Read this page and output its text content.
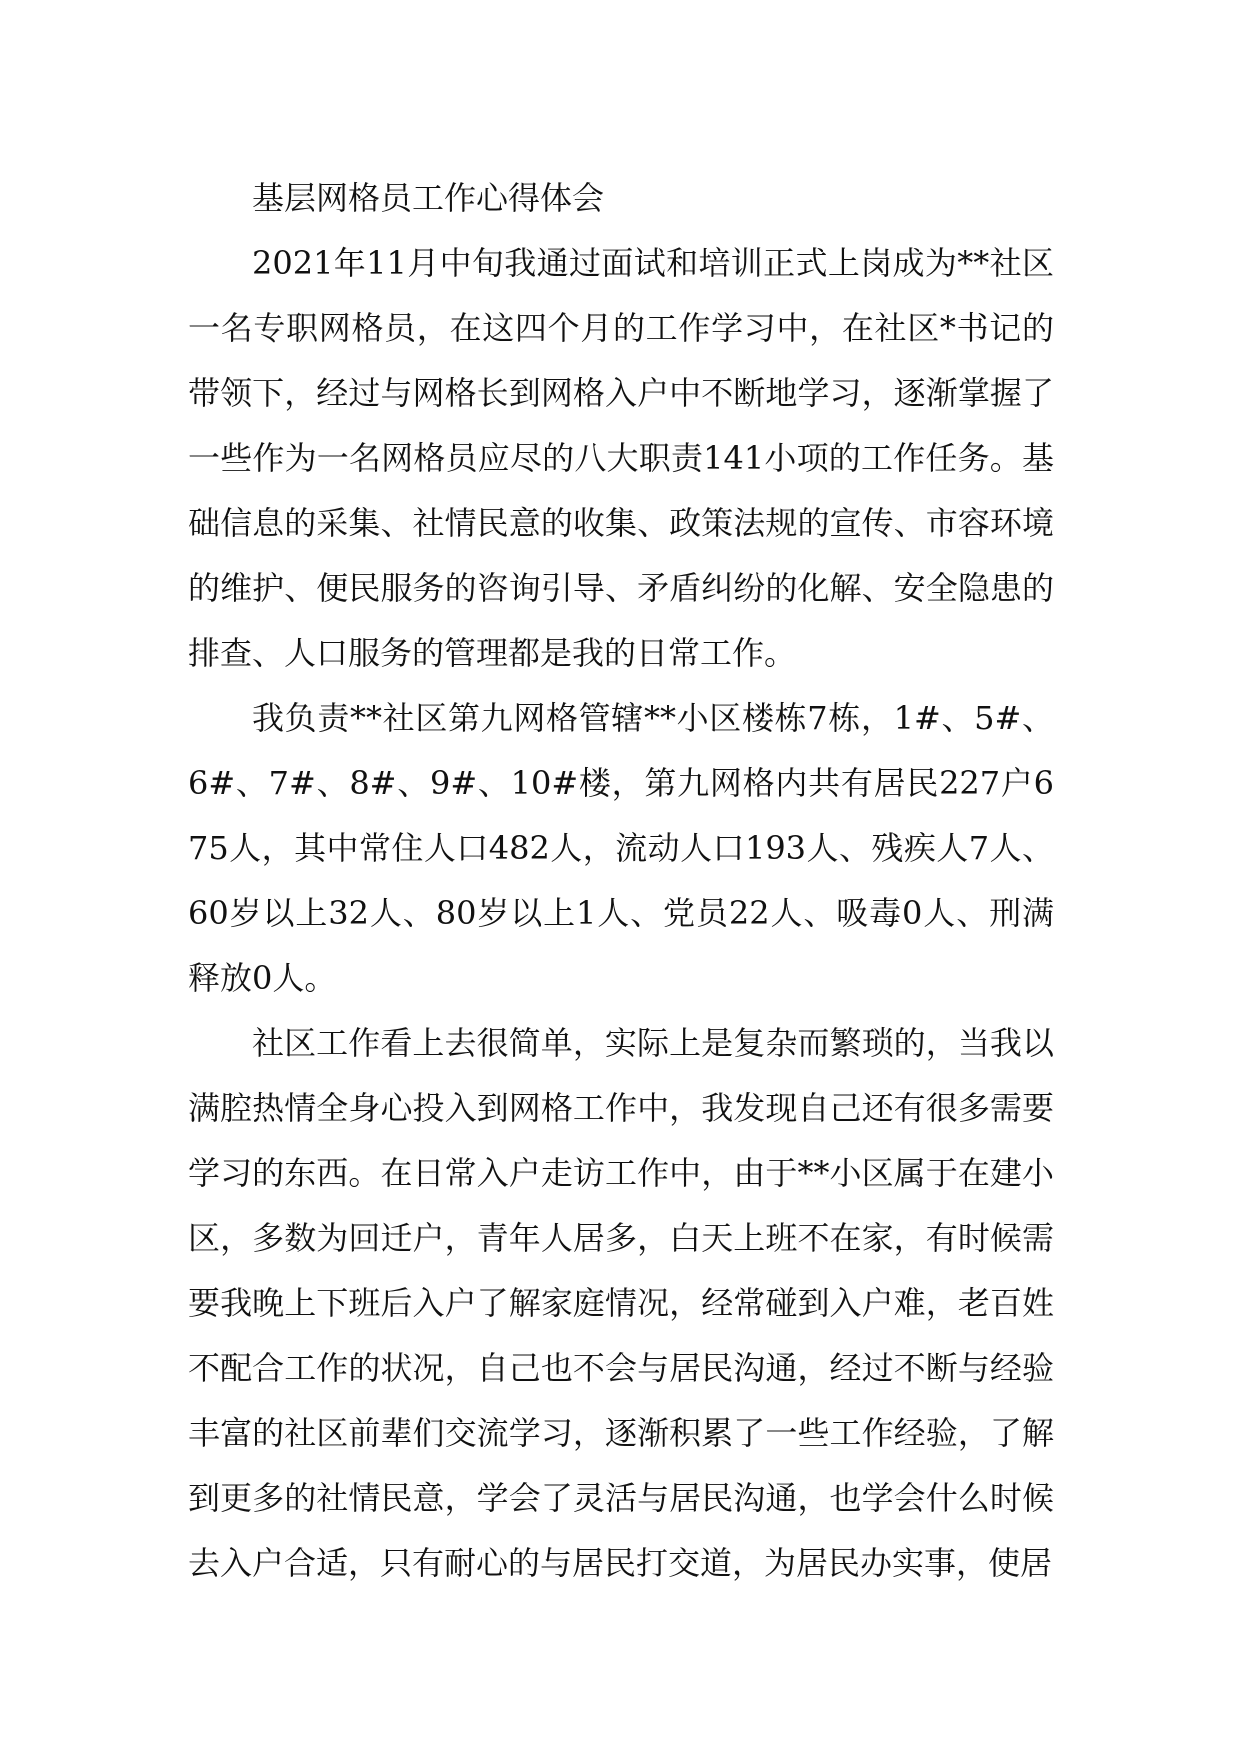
基层网格员工作心得体会

2021年11月中旬我通过面试和培训正式上岗成为**社区一名专职网格员，在这四个月的工作学习中，在社区*书记的带领下，经过与网格长到网格入户中不断地学习，逐渐掌握了一些作为一名网格员应尽的八大职责141小项的工作任务。基础信息的采集、社情民意的收集、政策法规的宣传、市容环境的维护、便民服务的咨询引导、矛盾纠纷的化解、安全隐患的排查、人口服务的管理都是我的日常工作。

我负责**社区第九网格管辖**小区楼栋7栋，1#、5#、6#、7#、8#、9#、10#楼，第九网格内共有居民227户675人，其中常住人口482人，流动人口193人、残疾人7人、60岁以上32人、80岁以上1人、党员22人、吸毒0人、刑满释放0人。

社区工作看上去很简单，实际上是复杂而繁琐的，当我以满腔热情全身心投入到网格工作中，我发现自己还有很多需要学习的东西。在日常入户走访工作中，由于**小区属于在建小区，多数为回迁户，青年人居多，白天上班不在家，有时候需要我晚上下班后入户了解家庭情况，经常碰到入户难，老百姓不配合工作的状况，自己也不会与居民沟通，经过不断与经验丰富的社区前辈们交流学习，逐渐积累了一些工作经验，了解到更多的社情民意，学会了灵活与居民沟通，也学会什么时候去入户合适，只有耐心的与居民打交道，为居民办实事，使居
